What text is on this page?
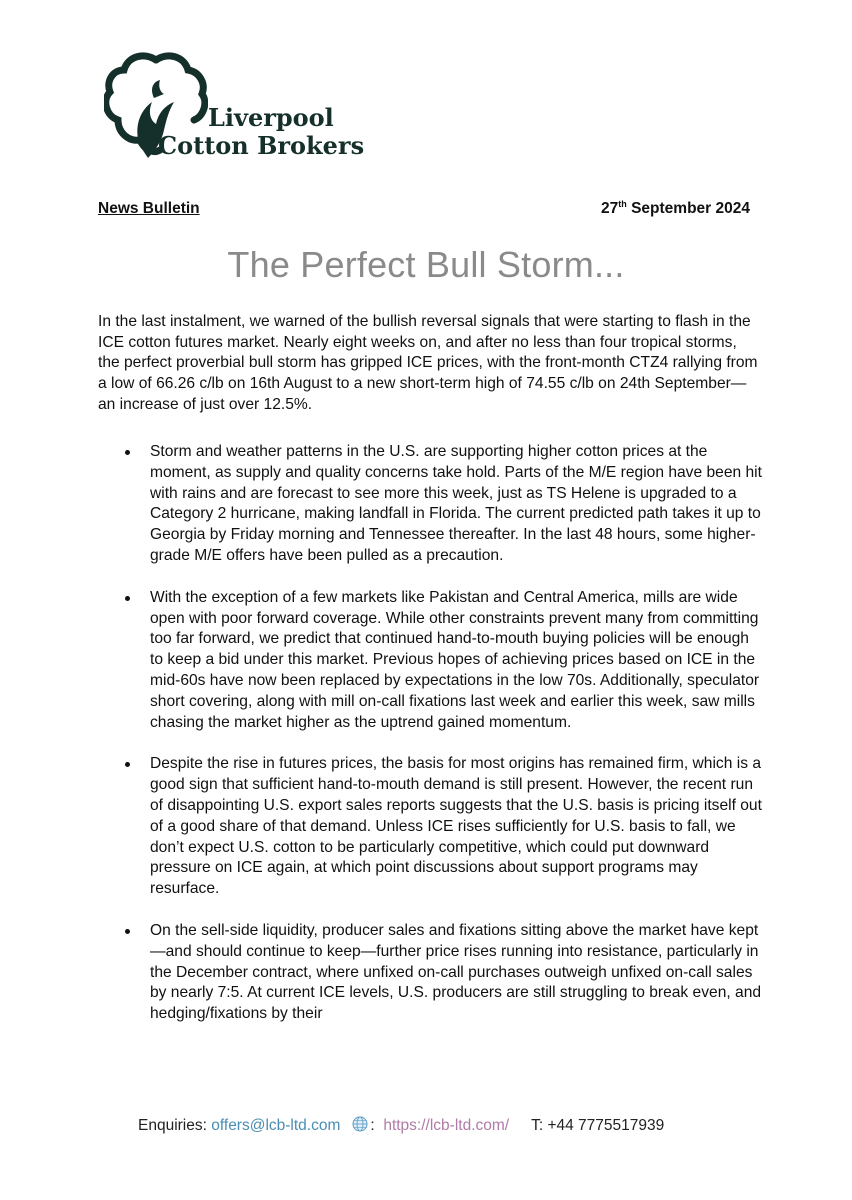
Liverpool
Cotton Brokers
News Bulletin	27th September 2024
The Perfect Bull Storm...

In the last instalment, we warned of the bullish reversal signals that were starting to flash in the ICE cotton futures market. Nearly eight weeks on, and after no less than four tropical storms, the perfect proverbial bull storm has gripped ICE prices, with the front-month CTZ4 rallying from a low of 66.26 c/lb on 16th August to a new short-term high of 74.55 c/lb on 24th September—an increase of just over 12.5%.

Storm and weather patterns in the U.S. are supporting higher cotton prices at the moment, as supply and quality concerns take hold. Parts of the M/E region have been hit with rains and are forecast to see more this week, just as TS Helene is upgraded to a Category 2 hurricane, making landfall in Florida. The current predicted path takes it up to Georgia by Friday morning and Tennessee thereafter. In the last 48 hours, some higher-grade M/E offers have been pulled as a precaution.
With the exception of a few markets like Pakistan and Central America, mills are wide open with poor forward coverage. While other constraints prevent many from committing too far forward, we predict that continued hand-to-mouth buying policies will be enough to keep a bid under this market. Previous hopes of achieving prices based on ICE in the mid-60s have now been replaced by expectations in the low 70s. Additionally, speculator short covering, along with mill on-call fixations last week and earlier this week, saw mills chasing the market higher as the uptrend gained momentum.
Despite the rise in futures prices, the basis for most origins has remained firm, which is a good sign that sufficient hand-to-mouth demand is still present. However, the recent run of disappointing U.S. export sales reports suggests that the U.S. basis is pricing itself out of a good share of that demand. Unless ICE rises sufficiently for U.S. basis to fall, we don’t expect U.S. cotton to be particularly competitive, which could put downward pressure on ICE again, at which point discussions about support programs may resurface.
On the sell-side liquidity, producer sales and fixations sitting above the market have kept—and should continue to keep—further price rises running into resistance, particularly in the December contract, where unfixed on-call purchases outweigh unfixed on-call sales by nearly 7:5. At current ICE levels, U.S. producers are still struggling to break even, and hedging/fixations by their
Enquiries: offers@lcb-ltd.com : https://lcb-ltd.com/ T: +44 7775517939
